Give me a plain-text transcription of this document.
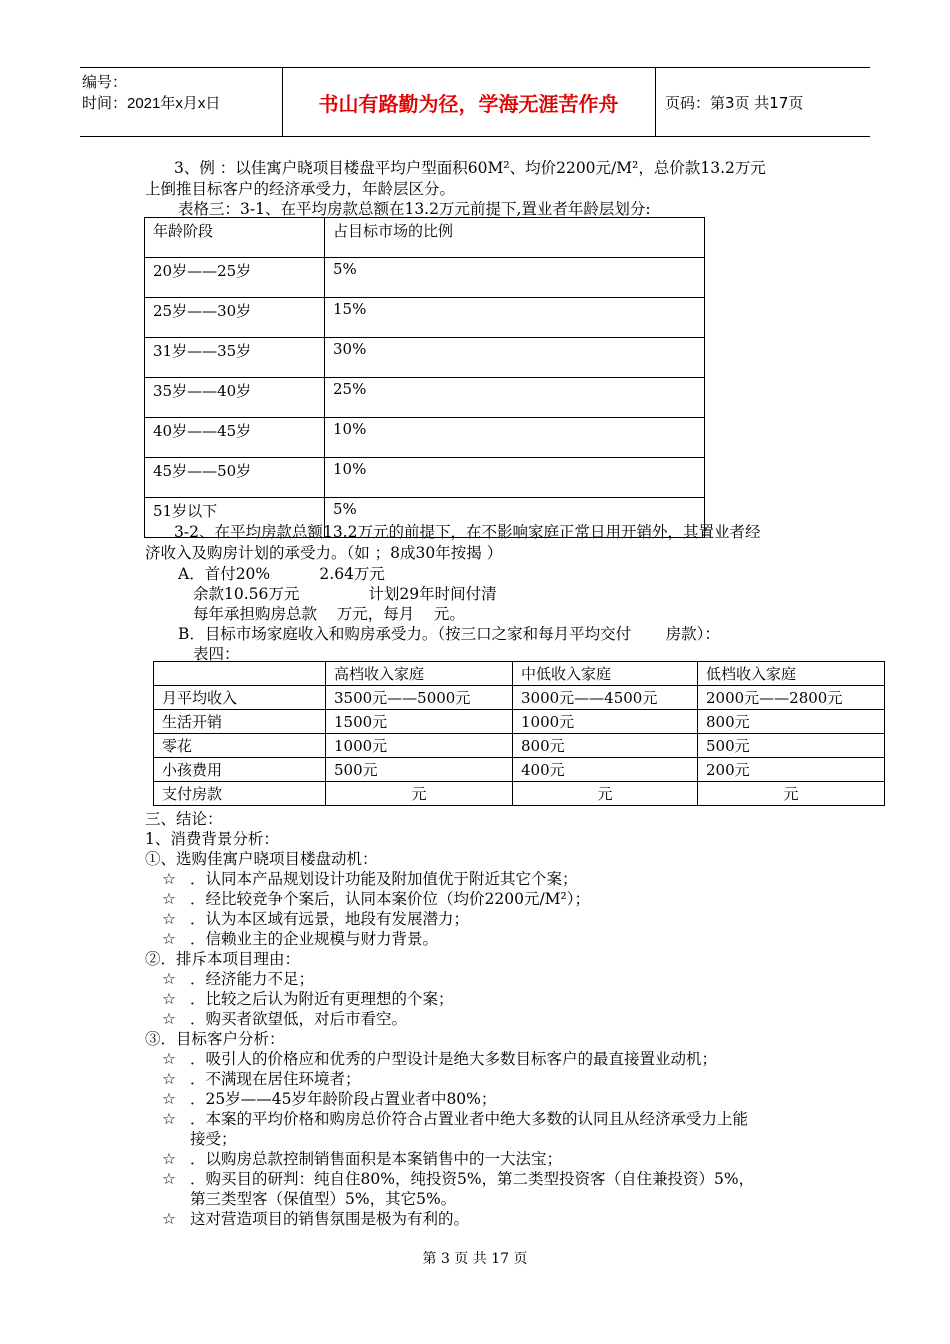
编号：
时间：2021年x月x日	书山有路勤为径，学海无涯苦作舟	页码：第3页 共17页
3、例 ：以佳寓户晓项目楼盘平均户型面积60M²、均价2200元/M²，总价款13.2万元
上倒推目标客户的经济承受力，年龄层区分。
表格三：3-1、在平均房款总额在13.2万元前提下,置业者年龄层划分:
年龄阶段	占目标市场的比例
20岁——25岁	5%
25岁——30岁	15%
31岁——35岁	30%
35岁——40岁	25%
40岁——45岁	10%
45岁——50岁	10%
51岁以下	5%
3-2、在平均房款总额13.2万元的前提下，在不影响家庭正常日用开销外，其置业者经
济收入及购房计划的承受力。（如 ；8成30年按揭 ）
A．首付20%          2.64万元
余款10.56万元              计划29年时间付清
每年承担购房总款    万元，每月    元。
B．目标市场家庭收入和购房承受力。（按三口之家和每月平均交付       房款）：
表四：
	高档收入家庭	中低收入家庭	低档收入家庭
月平均收入	3500元——5000元	3000元——4500元	2000元——2800元
生活开销	1500元	1000元	800元
零花	1000元	800元	500元
小孩费用	500元	400元	200元
支付房款	元	元	元
三、结论：
1、消费背景分析：
①、选购佳寓户晓项目楼盘动机：
☆ ．认同本产品规划设计功能及附加值优于附近其它个案；
☆ ．经比较竞争个案后，认同本案价位（均价2200元/M²）；
☆ ．认为本区域有远景，地段有发展潜力；
☆ ．信赖业主的企业规模与财力背景。
②．排斥本项目理由：
☆ ．经济能力不足；
☆ ．比较之后认为附近有更理想的个案；
☆ ．购买者欲望低，对后市看空。
③．目标客户分析：
☆ ．吸引人的价格应和优秀的户型设计是绝大多数目标客户的最直接置业动机；
☆ ．不满现在居住环境者；
☆ ．25岁——45岁年龄阶段占置业者中80%；
☆ ．本案的平均价格和购房总价符合占置业者中绝大多数的认同且从经济承受力上能
接受；
☆ ．以购房总款控制销售面积是本案销售中的一大法宝；
☆ ．购买目的研判：纯自住80%，纯投资5%，第二类型投资客（自住兼投资）5%，
第三类型客（保值型）5%，其它5%。
☆ 这对营造项目的销售氛围是极为有利的。
第 3 页 共 17 页
